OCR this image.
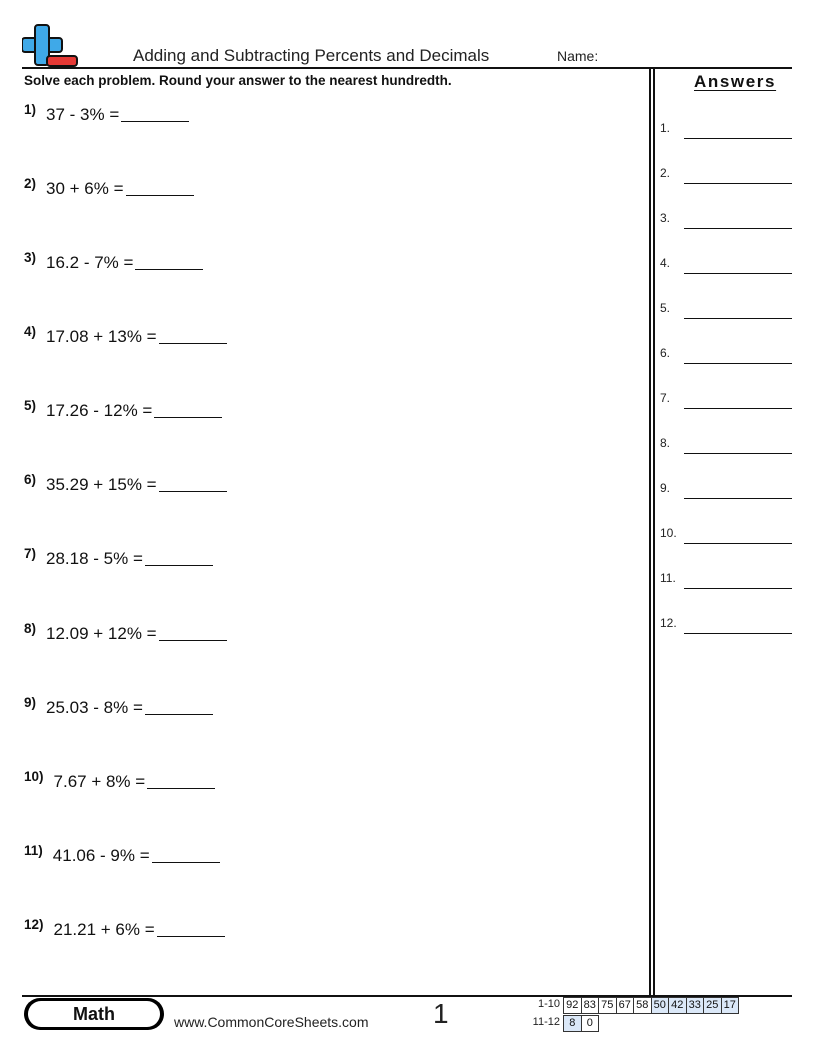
Adding and Subtracting Percents and Decimals	Name:
Solve each problem. Round your answer to the nearest hundredth.	Answers
1) 37 - 3% =
2) 30 + 6% =
3) 16.2 - 7% =
4) 17.08 + 13% =
5) 17.26 - 12% =
6) 35.29 + 15% =
7) 28.18 - 5% =
8) 12.09 + 12% =
9) 25.03 - 8% =
10) 7.67 + 8% =
11) 41.06 - 9% =
12) 21.21 + 6% =
1.
2.
3.
4.
5.
6.
7.
8.
9.
10.
11.
12.
Math	www.CommonCoreSheets.com 1	1-10 92 83 75 67 58 50 42 33 25 17
11-12 8	0
